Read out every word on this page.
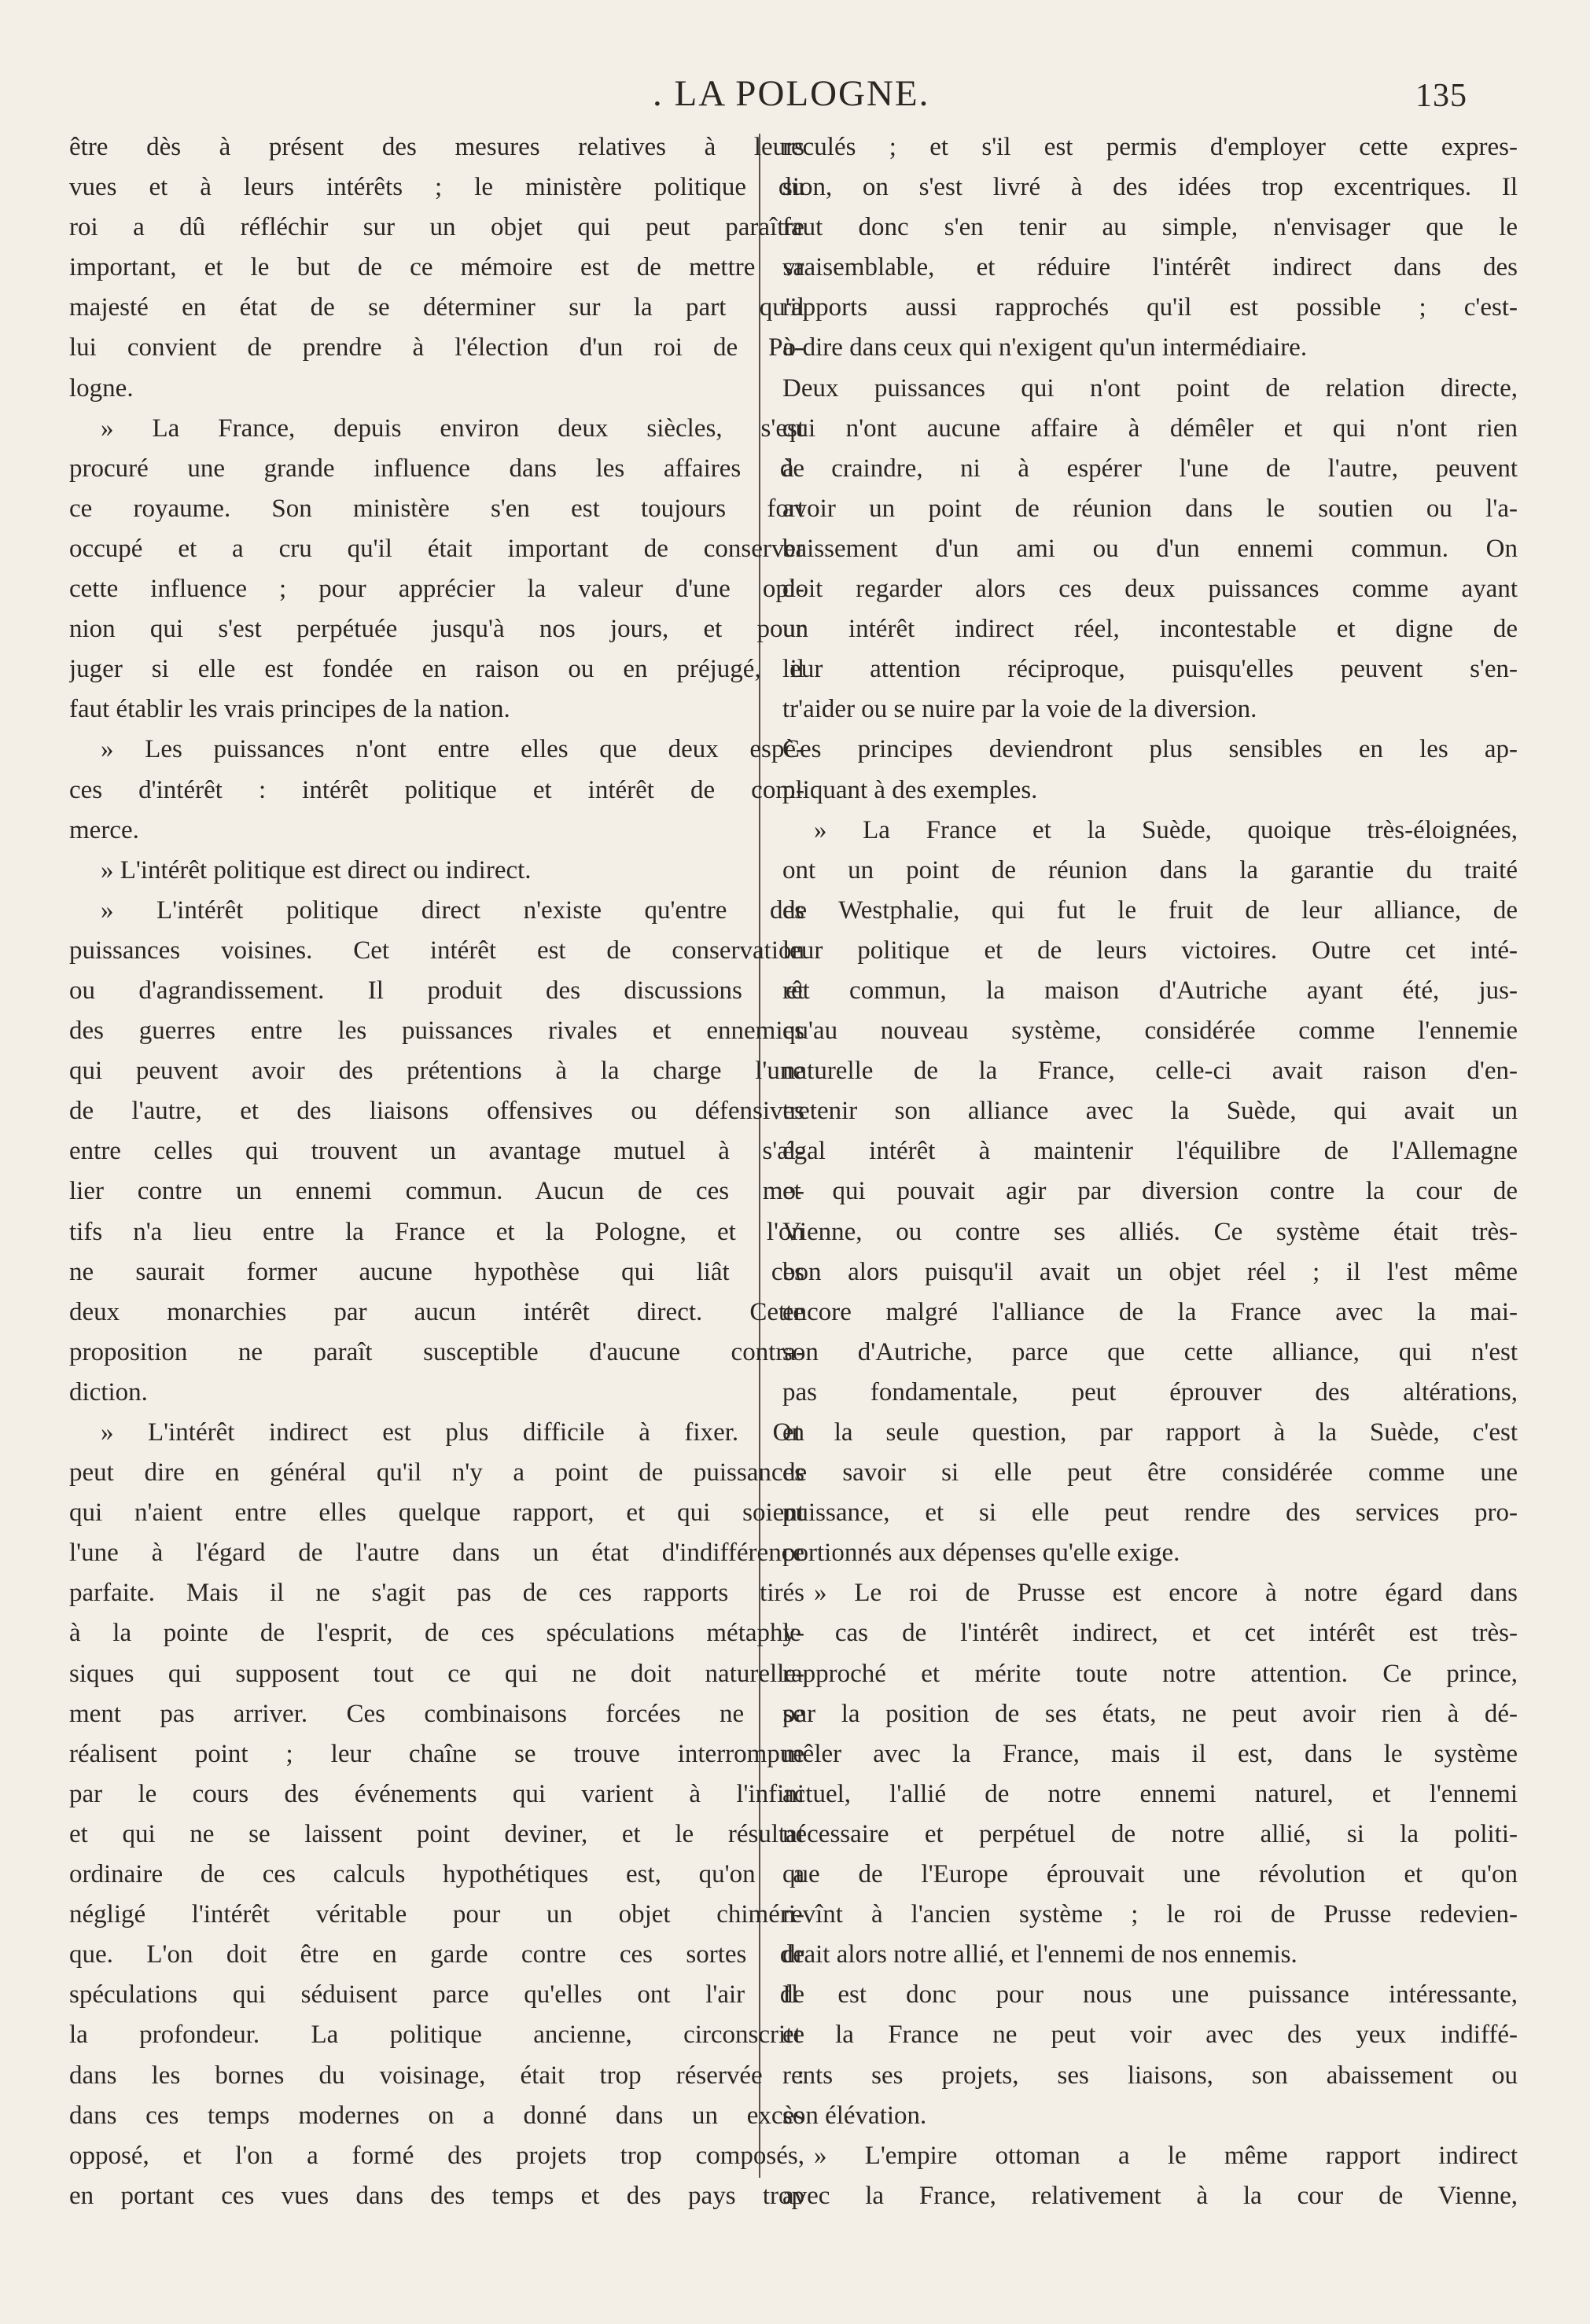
. LA POLOGNE.	135
être dès à présent des mesures relatives à leurs
vues et à leurs intérêts ; le ministère politique du
roi a dû réfléchir sur un objet qui peut paraître
important, et le but de ce mémoire est de mettre sa
majesté en état de se déterminer sur la part qu'il
lui convient de prendre à l'élection d'un roi de Po-
logne.
» La France, depuis environ deux siècles, s'est
procuré une grande influence dans les affaires de
ce royaume. Son ministère s'en est toujours fort
occupé et a cru qu'il était important de conserver
cette influence ; pour apprécier la valeur d'une opi-
nion qui s'est perpétuée jusqu'à nos jours, et pour
juger si elle est fondée en raison ou en préjugé, il
faut établir les vrais principes de la nation.
» Les puissances n'ont entre elles que deux espè-
ces d'intérêt : intérêt politique et intérêt de com-
merce.
» L'intérêt politique est direct ou indirect.
» L'intérêt politique direct n'existe qu'entre des
puissances voisines. Cet intérêt est de conservation
ou d'agrandissement. Il produit des discussions et
des guerres entre les puissances rivales et ennemies
qui peuvent avoir des prétentions à la charge l'une
de l'autre, et des liaisons offensives ou défensives
entre celles qui trouvent un avantage mutuel à s'al-
lier contre un ennemi commun. Aucun de ces mo-
tifs n'a lieu entre la France et la Pologne, et l'on
ne saurait former aucune hypothèse qui liât ces
deux monarchies par aucun intérêt direct. Cette
proposition ne paraît susceptible d'aucune contra-
diction.
» L'intérêt indirect est plus difficile à fixer. On
peut dire en général qu'il n'y a point de puissances
qui n'aient entre elles quelque rapport, et qui soient
l'une à l'égard de l'autre dans un état d'indifférence
parfaite. Mais il ne s'agit pas de ces rapports tirés
à la pointe de l'esprit, de ces spéculations métaphy-
siques qui supposent tout ce qui ne doit naturelle-
ment pas arriver. Ces combinaisons forcées ne se
réalisent point ; leur chaîne se trouve interrompue
par le cours des événements qui varient à l'infini
et qui ne se laissent point deviner, et le résultat
ordinaire de ces calculs hypothétiques est, qu'on a
négligé l'intérêt véritable pour un objet chiméri-
que. L'on doit être en garde contre ces sortes de
spéculations qui séduisent parce qu'elles ont l'air de
la profondeur. La politique ancienne, circonscrite
dans les bornes du voisinage, était trop réservée :
dans ces temps modernes on a donné dans un excès
opposé, et l'on a formé des projets trop composés,
en portant ces vues dans des temps et des pays trop
reculés ; et s'il est permis d'employer cette expres-
sion, on s'est livré à des idées trop excentriques. Il
faut donc s'en tenir au simple, n'envisager que le
vraisemblable, et réduire l'intérêt indirect dans des
rapports aussi rapprochés qu'il est possible ; c'est-
à-dire dans ceux qui n'exigent qu'un intermédiaire.
Deux puissances qui n'ont point de relation directe,
qui n'ont aucune affaire à démêler et qui n'ont rien
à craindre, ni à espérer l'une de l'autre, peuvent
avoir un point de réunion dans le soutien ou l'a-
baissement d'un ami ou d'un ennemi commun. On
doit regarder alors ces deux puissances comme ayant
un intérêt indirect réel, incontestable et digne de
leur attention réciproque, puisqu'elles peuvent s'en-
tr'aider ou se nuire par la voie de la diversion.
Ces principes deviendront plus sensibles en les ap-
pliquant à des exemples.
» La France et la Suède, quoique très-éloignées,
ont un point de réunion dans la garantie du traité
de Westphalie, qui fut le fruit de leur alliance, de
leur politique et de leurs victoires. Outre cet inté-
rêt commun, la maison d'Autriche ayant été, jus-
qu'au nouveau système, considérée comme l'ennemie
naturelle de la France, celle-ci avait raison d'en-
tretenir son alliance avec la Suède, qui avait un
égal intérêt à maintenir l'équilibre de l'Allemagne
et qui pouvait agir par diversion contre la cour de
Vienne, ou contre ses alliés. Ce système était très-
bon alors puisqu'il avait un objet réel ; il l'est même
encore malgré l'alliance de la France avec la mai-
son d'Autriche, parce que cette alliance, qui n'est
pas fondamentale, peut éprouver des altérations,
et la seule question, par rapport à la Suède, c'est
de savoir si elle peut être considérée comme une
puissance, et si elle peut rendre des services pro-
portionnés aux dépenses qu'elle exige.
» Le roi de Prusse est encore à notre égard dans
le cas de l'intérêt indirect, et cet intérêt est très-
rapproché et mérite toute notre attention. Ce prince,
par la position de ses états, ne peut avoir rien à dé-
mêler avec la France, mais il est, dans le système
actuel, l'allié de notre ennemi naturel, et l'ennemi
nécessaire et perpétuel de notre allié, si la politi-
que de l'Europe éprouvait une révolution et qu'on
revînt à l'ancien système ; le roi de Prusse redevien-
drait alors notre allié, et l'ennemi de nos ennemis.
Il est donc pour nous une puissance intéressante,
et la France ne peut voir avec des yeux indiffé-
rents ses projets, ses liaisons, son abaissement ou
son élévation.
» L'empire ottoman a le même rapport indirect
avec la France, relativement à la cour de Vienne,
